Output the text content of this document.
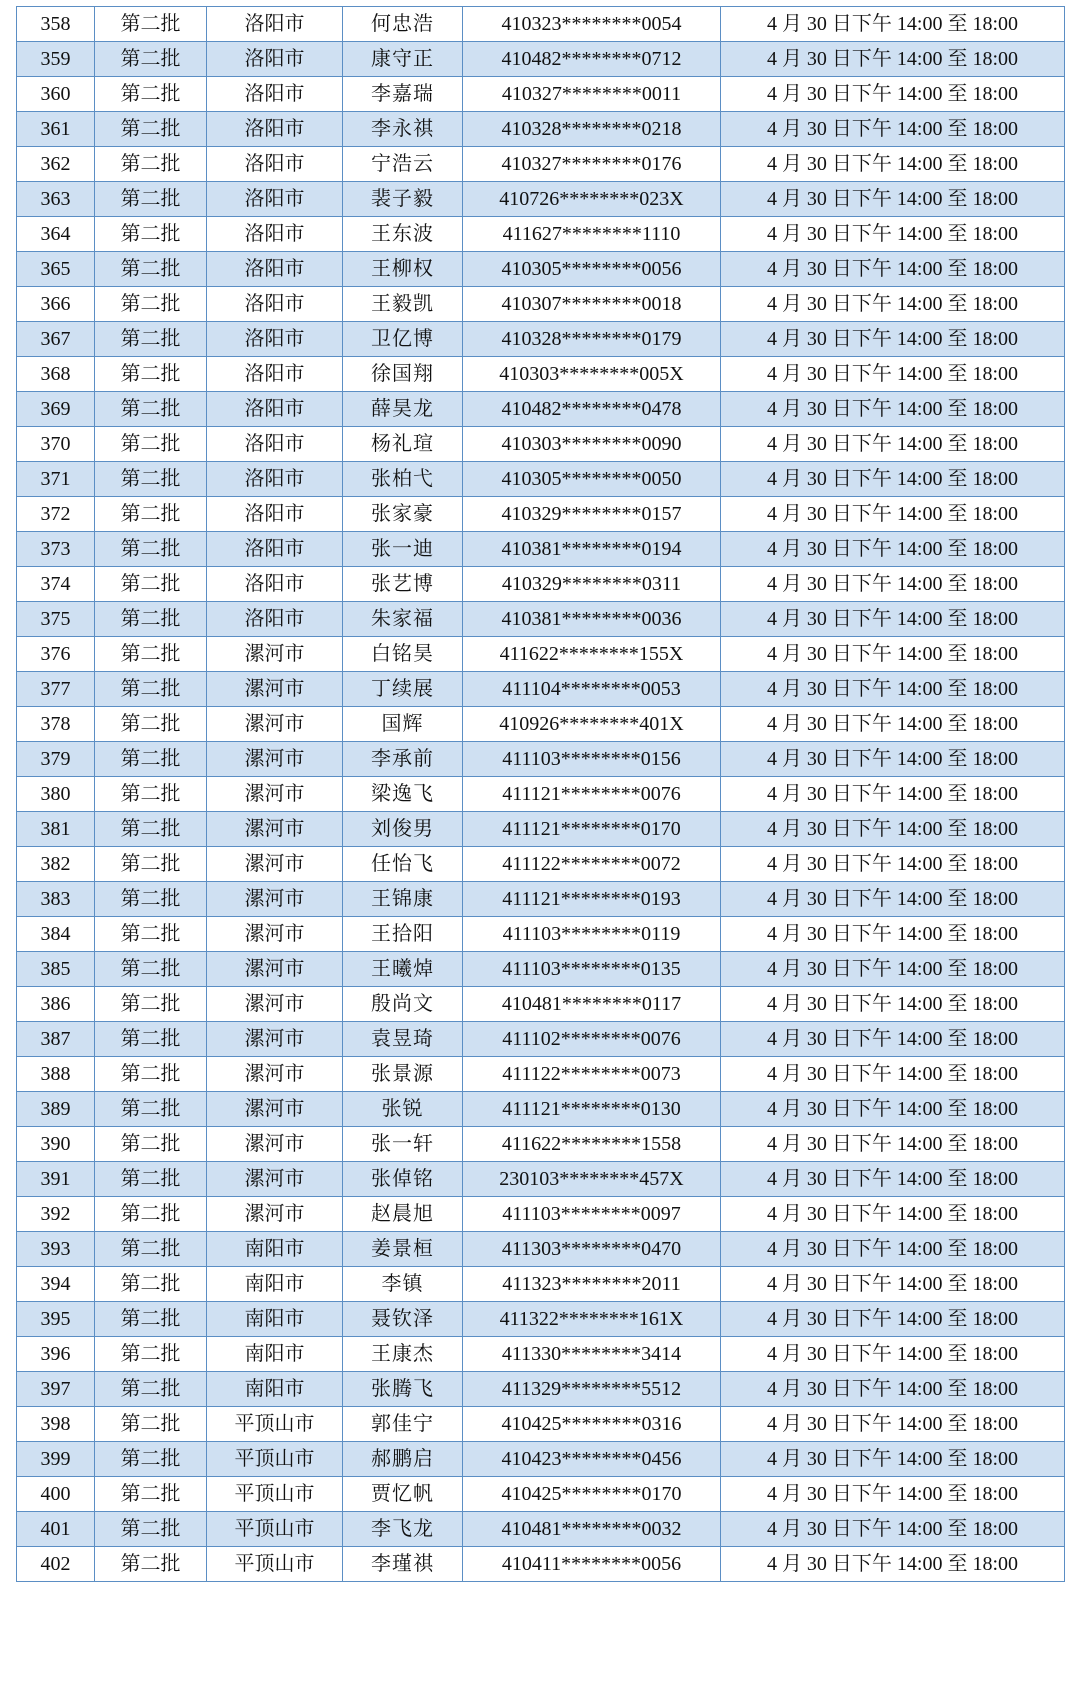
358	第二批	洛阳市	何忠浩	410323********0054	4 月 30 日下午 14:00 至 18:00
359	第二批	洛阳市	康守正	410482********0712	4 月 30 日下午 14:00 至 18:00
360	第二批	洛阳市	李嘉瑞	410327********0011	4 月 30 日下午 14:00 至 18:00
361	第二批	洛阳市	李永祺	410328********0218	4 月 30 日下午 14:00 至 18:00
362	第二批	洛阳市	宁浩云	410327********0176	4 月 30 日下午 14:00 至 18:00
363	第二批	洛阳市	裴子毅	410726********023X	4 月 30 日下午 14:00 至 18:00
364	第二批	洛阳市	王东波	411627********1110	4 月 30 日下午 14:00 至 18:00
365	第二批	洛阳市	王柳权	410305********0056	4 月 30 日下午 14:00 至 18:00
366	第二批	洛阳市	王毅凯	410307********0018	4 月 30 日下午 14:00 至 18:00
367	第二批	洛阳市	卫亿博	410328********0179	4 月 30 日下午 14:00 至 18:00
368	第二批	洛阳市	徐国翔	410303********005X	4 月 30 日下午 14:00 至 18:00
369	第二批	洛阳市	薛昊龙	410482********0478	4 月 30 日下午 14:00 至 18:00
370	第二批	洛阳市	杨礼瑄	410303********0090	4 月 30 日下午 14:00 至 18:00
371	第二批	洛阳市	张柏弋	410305********0050	4 月 30 日下午 14:00 至 18:00
372	第二批	洛阳市	张家豪	410329********0157	4 月 30 日下午 14:00 至 18:00
373	第二批	洛阳市	张一迪	410381********0194	4 月 30 日下午 14:00 至 18:00
374	第二批	洛阳市	张艺博	410329********0311	4 月 30 日下午 14:00 至 18:00
375	第二批	洛阳市	朱家福	410381********0036	4 月 30 日下午 14:00 至 18:00
376	第二批	漯河市	白铭昊	411622********155X	4 月 30 日下午 14:00 至 18:00
377	第二批	漯河市	丁续展	411104********0053	4 月 30 日下午 14:00 至 18:00
378	第二批	漯河市	国辉	410926********401X	4 月 30 日下午 14:00 至 18:00
379	第二批	漯河市	李承前	411103********0156	4 月 30 日下午 14:00 至 18:00
380	第二批	漯河市	梁逸飞	411121********0076	4 月 30 日下午 14:00 至 18:00
381	第二批	漯河市	刘俊男	411121********0170	4 月 30 日下午 14:00 至 18:00
382	第二批	漯河市	任怡飞	411122********0072	4 月 30 日下午 14:00 至 18:00
383	第二批	漯河市	王锦康	411121********0193	4 月 30 日下午 14:00 至 18:00
384	第二批	漯河市	王拾阳	411103********0119	4 月 30 日下午 14:00 至 18:00
385	第二批	漯河市	王曦焯	411103********0135	4 月 30 日下午 14:00 至 18:00
386	第二批	漯河市	殷尚文	410481********0117	4 月 30 日下午 14:00 至 18:00
387	第二批	漯河市	袁昱琦	411102********0076	4 月 30 日下午 14:00 至 18:00
388	第二批	漯河市	张景源	411122********0073	4 月 30 日下午 14:00 至 18:00
389	第二批	漯河市	张锐	411121********0130	4 月 30 日下午 14:00 至 18:00
390	第二批	漯河市	张一轩	411622********1558	4 月 30 日下午 14:00 至 18:00
391	第二批	漯河市	张倬铭	230103********457X	4 月 30 日下午 14:00 至 18:00
392	第二批	漯河市	赵晨旭	411103********0097	4 月 30 日下午 14:00 至 18:00
393	第二批	南阳市	姜景桓	411303********0470	4 月 30 日下午 14:00 至 18:00
394	第二批	南阳市	李镇	411323********2011	4 月 30 日下午 14:00 至 18:00
395	第二批	南阳市	聂钦泽	411322********161X	4 月 30 日下午 14:00 至 18:00
396	第二批	南阳市	王康杰	411330********3414	4 月 30 日下午 14:00 至 18:00
397	第二批	南阳市	张腾飞	411329********5512	4 月 30 日下午 14:00 至 18:00
398	第二批	平顶山市	郭佳宁	410425********0316	4 月 30 日下午 14:00 至 18:00
399	第二批	平顶山市	郝鹏启	410423********0456	4 月 30 日下午 14:00 至 18:00
400	第二批	平顶山市	贾忆帆	410425********0170	4 月 30 日下午 14:00 至 18:00
401	第二批	平顶山市	李飞龙	410481********0032	4 月 30 日下午 14:00 至 18:00
402	第二批	平顶山市	李瑾祺	410411********0056	4 月 30 日下午 14:00 至 18:00
